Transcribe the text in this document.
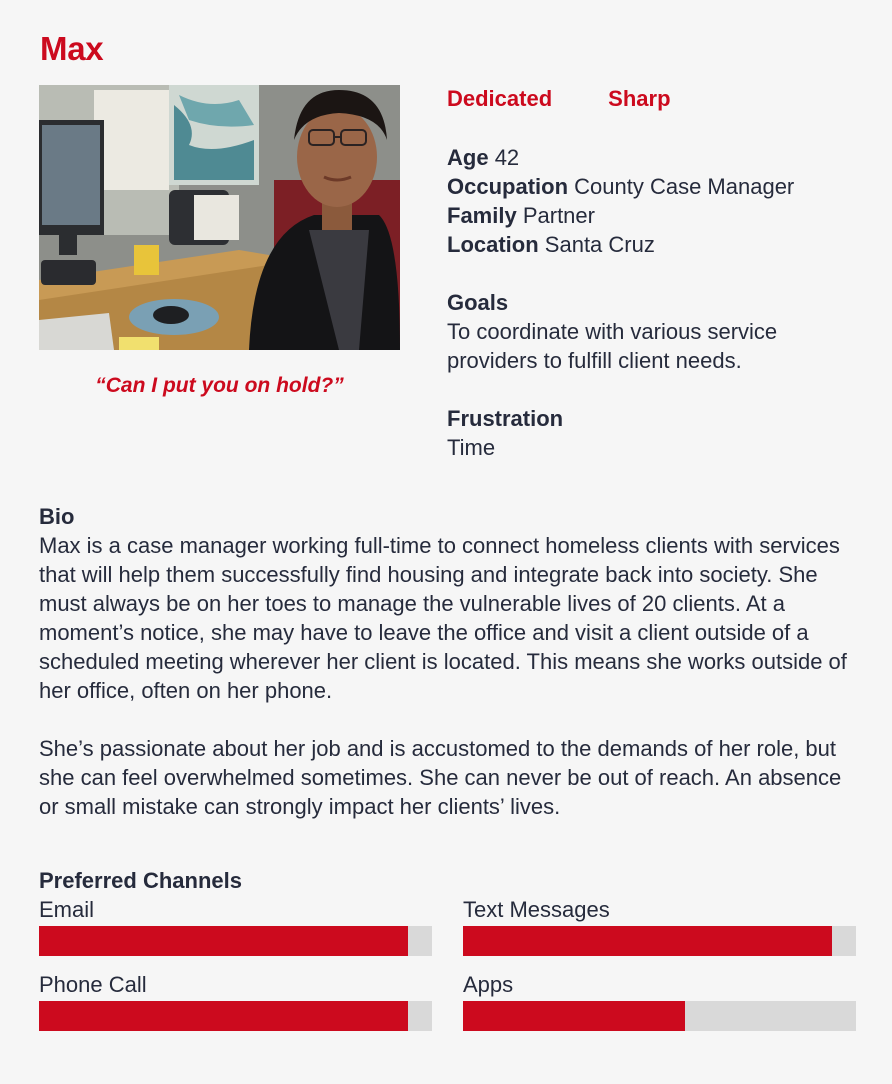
Max
“Can I put you on hold?”
Dedicated	Sharp
Age 42
Occupation County Case Manager
Family Partner
Location Santa Cruz
Goals
To coordinate with various service providers to fulfill client needs.
Frustration
Time
Bio

Max is a case manager working full-time to connect homeless clients with services that will help them successfully find housing and integrate back into society. She must always be on her toes to manage the vulnerable lives of 20 clients. At a moment’s notice, she may have to leave the office and visit a client outside of a scheduled meeting wherever her client is located. This means she works outside of her office, often on her phone.

She’s passionate about her job and is accustomed to the demands of her role, but she can feel overwhelmed sometimes. She can never be out of reach. An absence or small mistake can strongly impact her clients’ lives.

Preferred Channels
Email	Text Messages
Phone Call	Apps
